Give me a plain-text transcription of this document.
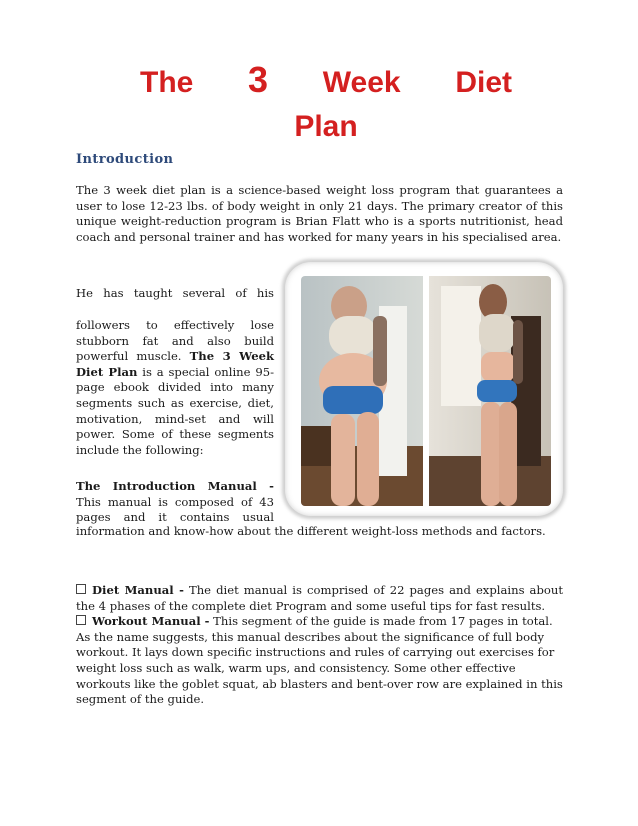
The 3 Week Diet
Plan
Introduction
The 3 week diet plan is a science-based weight loss program that guarantees a user to lose 12-23 lbs. of body weight in only 21 days. The primary creator of this unique weight-reduction program is Brian Flatt who is a sports nutritionist, head coach and personal trainer and has worked for many years in his specialised area.
He has taught several of his
followers to effectively lose stubborn fat and also build powerful muscle. The 3 Week Diet Plan is a special online 95-page ebook divided into many segments such as exercise, diet, motivation, mind-set and will power. Some of these segments include the following:
The Introduction Manual - This manual is composed of 43 pages and it contains usual
information and know-how about the different weight-loss methods and factors.
Diet Manual - The diet manual is comprised of 22 pages and explains about the 4 phases of the complete diet Program and some useful tips for fast results.
Workout Manual - This segment of the guide is made from 17 pages in total. As the name suggests, this manual describes about the significance of full body workout. It lays down specific instructions and rules of carrying out exercises for weight loss such as walk, warm ups, and consistency. Some other effective workouts like the goblet squat, ab blasters and bent-over row are explained in this segment of the guide.
